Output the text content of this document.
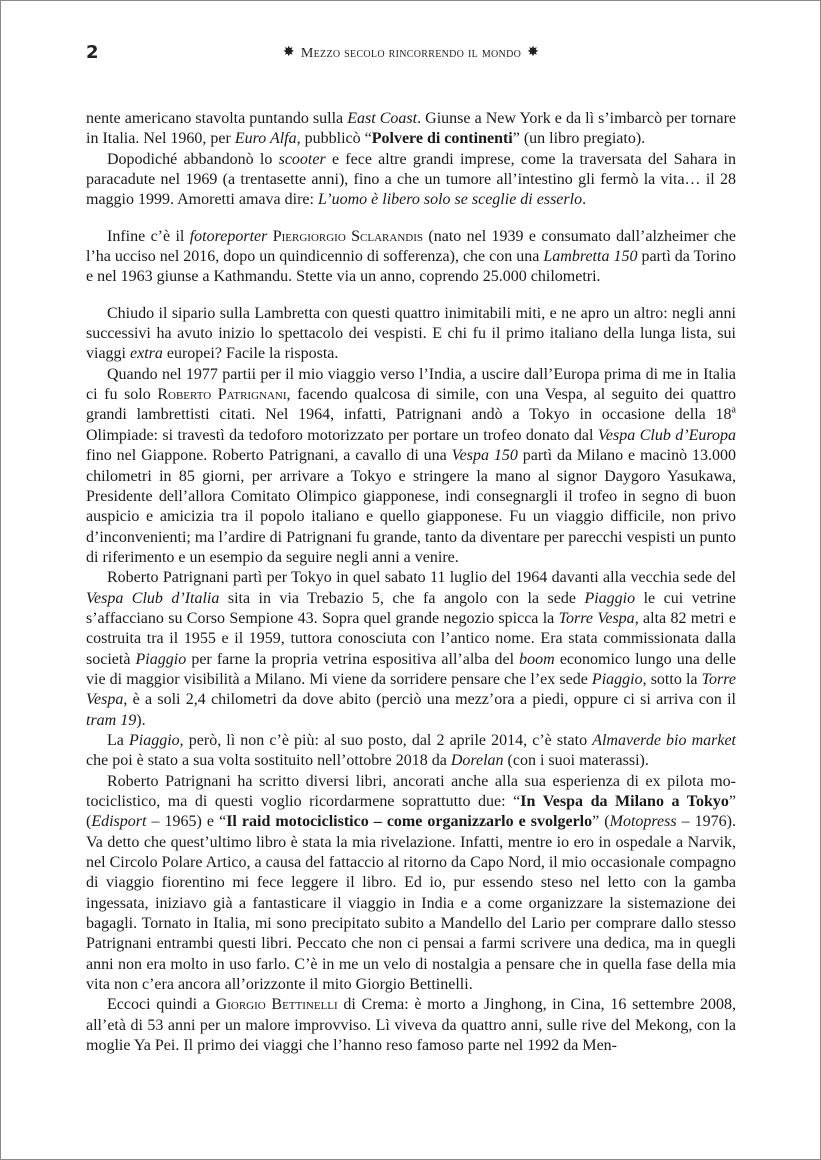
2	✸ Mezzo secolo rincorrendo il mondo ✸

nente americano stavolta puntando sulla East Coast. Giunse a New York e da lì s’imbarcò per tornare in Italia. Nel 1960, per Euro Alfa, pubblicò “Polvere di continenti” (un libro pregiato).

Dopodiché abbandonò lo scooter e fece altre grandi imprese, come la traversata del Sahara in paracadute nel 1969 (a trentasette anni), fino a che un tumore all’intestino gli fermò la vita… il 28 maggio 1999. Amoretti amava dire: L’uomo è libero solo se sceglie di esserlo.

Infine c’è il fotoreporter Piergiorgio Sclarandis (nato nel 1939 e consumato dall’alzheimer che l’ha ucciso nel 2016, dopo un quindicennio di sofferenza), che con una Lambretta 150 partì da Torino e nel 1963 giunse a Kathmandu. Stette via un anno, coprendo 25.000 chilometri.

Chiudo il sipario sulla Lambretta con questi quattro inimitabili miti, e ne apro un altro: negli anni successivi ha avuto inizio lo spettacolo dei vespisti. E chi fu il primo italiano della lunga lista, sui viaggi extra europei? Facile la risposta.

Quando nel 1977 partii per il mio viaggio verso l’India, a uscire dall’Europa prima di me in Italia ci fu solo Roberto Patrignani, facendo qualcosa di simile, con una Vespa, al seguito dei quattro grandi lambrettisti citati. Nel 1964, infatti, Patrignani andò a Tokyo in occasione della 18$^a$ Olimpiade: si travestì da tedoforo motorizzato per portare un trofeo donato dal Vespa Club d’Europa fino nel Giappone. Roberto Patrignani, a cavallo di una Vespa 150 partì da Milano e macinò 13.000 chilometri in 85 giorni, per arrivare a Tokyo e stringere la mano al signor Daygoro Yasukawa, Presidente dell’allora Comitato Olimpico giapponese, indi consegnargli il trofeo in segno di buon auspicio e amicizia tra il popolo italiano e quello giapponese. Fu un viaggio difficile, non privo d’inconvenienti; ma l’ardire di Patrignani fu grande, tanto da diventare per parecchi vespisti un punto di riferimento e un esempio da seguire negli anni a venire.

Roberto Patrignani partì per Tokyo in quel sabato 11 luglio del 1964 davanti alla vecchia sede del Vespa Club d’Italia sita in via Trebazio 5, che fa angolo con la sede Piaggio le cui vetrine s’affacciano su Corso Sempione 43. Sopra quel grande negozio spicca la Torre Vespa, alta 82 metri e costruita tra il 1955 e il 1959, tuttora conosciuta con l’antico nome. Era stata commissionata dalla società Piaggio per farne la propria vetrina espositiva all’alba del boom economico lungo una delle vie di maggior visibilità a Milano. Mi viene da sorridere pensare che l’ex sede Piaggio, sotto la Torre Vespa, è a soli 2,4 chilometri da dove abito (perciò una mezz’ora a piedi, oppure ci si arriva con il tram 19).

La Piaggio, però, lì non c’è più: al suo posto, dal 2 aprile 2014, c’è stato Almaverde bio market che poi è stato a sua volta sostituito nell’ottobre 2018 da Dorelan (con i suoi materassi).

Roberto Patrignani ha scritto diversi libri, ancorati anche alla sua esperienza di ex pilota motociclistico, ma di questi voglio ricordarmene soprattutto due: “In Vespa da Milano a Tokyo” (Edisport – 1965) e “Il raid motociclistico – come organizzarlo e svolgerlo” (Motopress – 1976). Va detto che quest’ultimo libro è stata la mia rivelazione. Infatti, mentre io ero in ospedale a Narvik, nel Circolo Polare Artico, a causa del fattaccio al ritorno da Capo Nord, il mio occasionale compagno di viaggio fiorentino mi fece leggere il libro. Ed io, pur essendo steso nel letto con la gamba ingessata, iniziavo già a fantasticare il viaggio in India e a come organizzare la sistemazione dei bagagli. Tornato in Italia, mi sono precipitato subito a Mandello del Lario per comprare dallo stesso Patrignani entrambi questi libri. Peccato che non ci pensai a farmi scrivere una dedica, ma in quegli anni non era molto in uso farlo. C’è in me un velo di nostalgia a pensare che in quella fase della mia vita non c’era ancora all’orizzonte il mito Giorgio Bettinelli.

Eccoci quindi a Giorgio Bettinelli di Crema: è morto a Jinghong, in Cina, 16 settembre 2008, all’età di 53 anni per un malore improvviso. Lì viveva da quattro anni, sulle rive del Mekong, con la moglie Ya Pei. Il primo dei viaggi che l’hanno reso famoso parte nel 1992 da Men-
